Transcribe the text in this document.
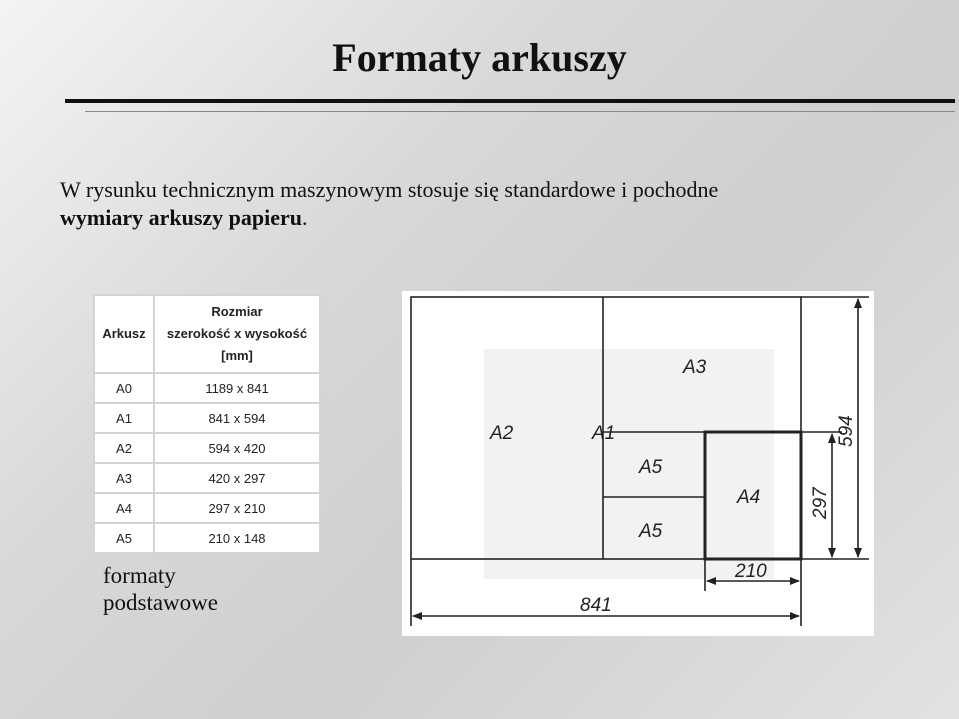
Formaty arkuszy
W rysunku technicznym maszynowym stosuje się standardowe i pochodne
wymiary arkuszy papieru.
Arkusz	Rozmiar
szerokość x wysokość
[mm]
A0	1189 x 841
A1	841 x 594
A2	594 x 420
A3	420 x 297
A4	297 x 210
A5	210 x 148
formaty
podstawowe
A2	A1
A3
A5
A5
A4
841
210
297
594
